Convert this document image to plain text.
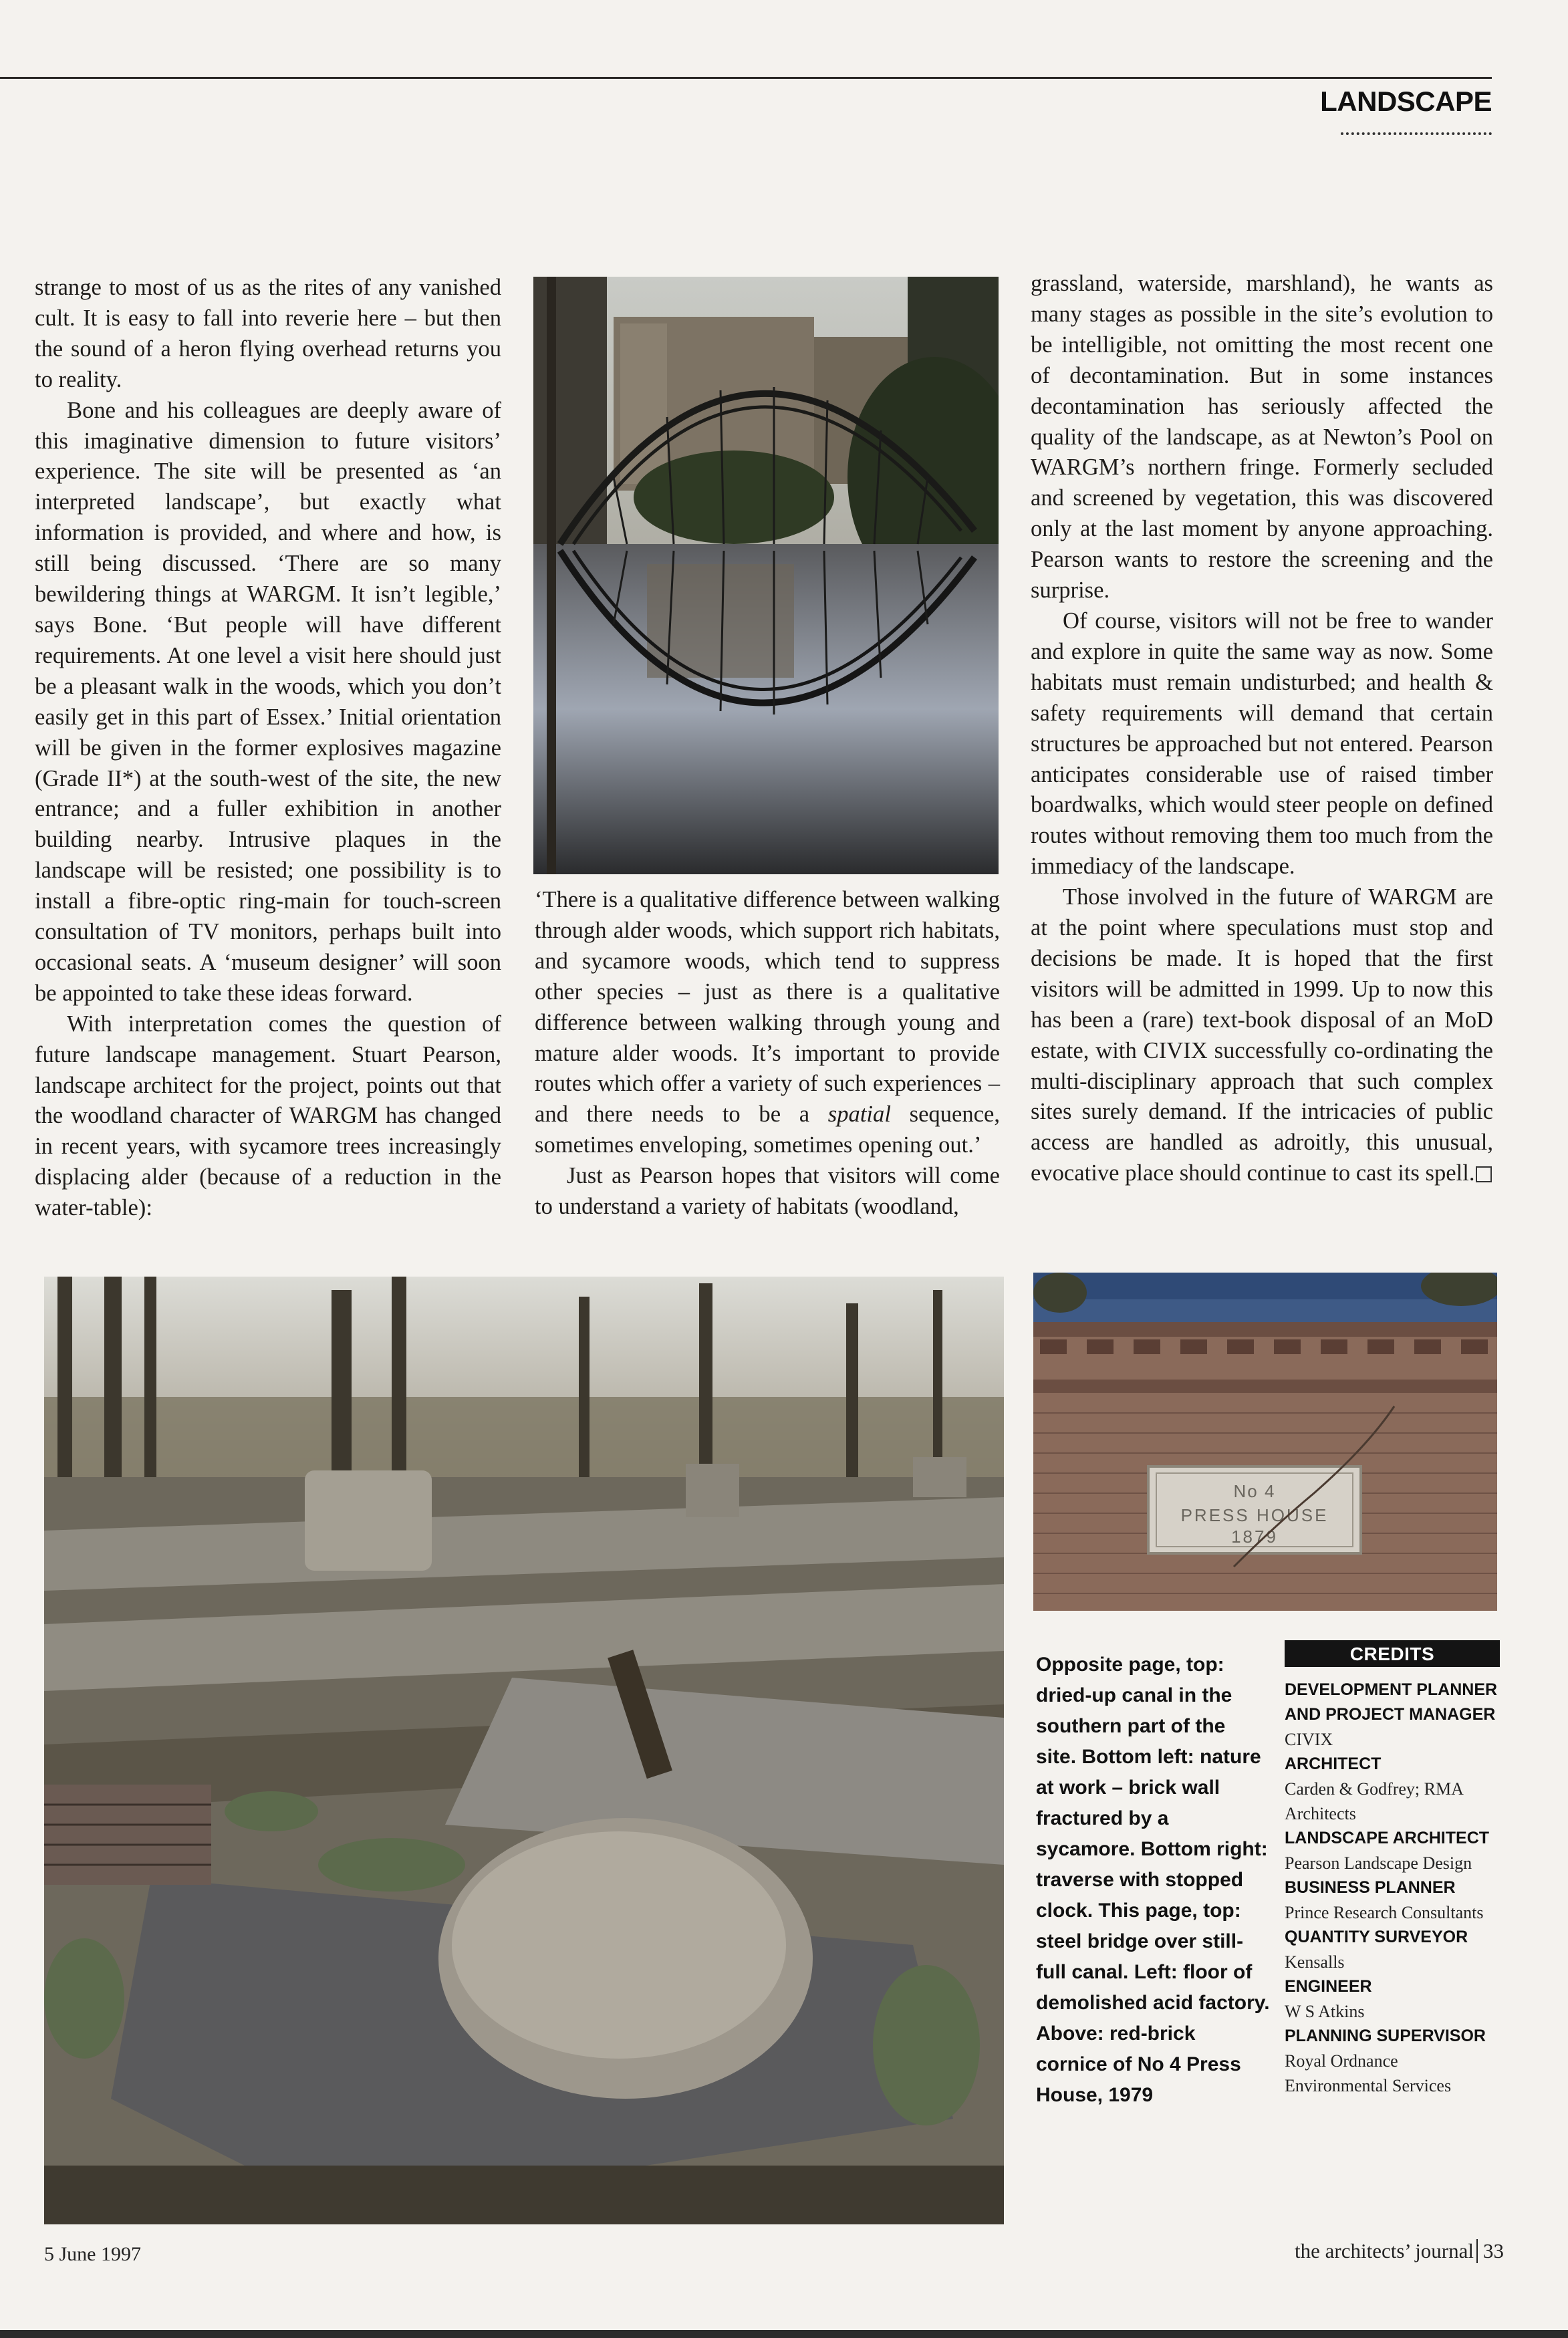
LANDSCAPE

strange to most of us as the rites of any vanished cult. It is easy to fall into reverie here – but then the sound of a heron flying overhead returns you to reality.

Bone and his colleagues are deeply aware of this imaginative dimension to future visitors’ experience. The site will be presented as ‘an interpreted landscape’, but exactly what information is provided, and where and how, is still being discussed. ‘There are so many bewildering things at WARGM. It isn’t legible,’ says Bone. ‘But people will have different requirements. At one level a visit here should just be a pleasant walk in the woods, which you don’t easily get in this part of Essex.’ Initial orientation will be given in the former explosives magazine (Grade II*) at the south-west of the site, the new entrance; and a fuller exhibition in another building nearby. Intrusive plaques in the landscape will be resisted; one possibility is to install a fibre-optic ring-main for touch-screen consultation of TV monitors, perhaps built into occasional seats. A ‘museum designer’ will soon be appointed to take these ideas forward.

With interpretation comes the question of future landscape management. Stuart Pearson, landscape architect for the project, points out that the woodland character of WARGM has changed in recent years, with sycamore trees increasingly displacing alder (because of a reduction in the water-table):

‘There is a qualitative difference between walking through alder woods, which support rich habitats, and sycamore woods, which tend to suppress other species – just as there is a qualitative difference between walking through young and mature alder woods. It’s important to provide routes which offer a variety of such experiences – and there needs to be a spatial sequence, sometimes enveloping, sometimes opening out.’

Just as Pearson hopes that visitors will come to understand a variety of habitats (woodland,

grassland, waterside, marshland), he wants as many stages as possible in the site’s evolution to be intelligible, not omitting the most recent one of decontamination. But in some instances decontamination has seriously affected the quality of the landscape, as at Newton’s Pool on WARGM’s northern fringe. Formerly secluded and screened by vegetation, this was discovered only at the last moment by anyone approaching. Pearson wants to restore the screening and the surprise.

Of course, visitors will not be free to wander and explore in quite the same way as now. Some habitats must remain undisturbed; and health & safety requirements will demand that certain structures be approached but not entered. Pearson anticipates considerable use of raised timber boardwalks, which would steer people on defined routes without removing them too much from the immediacy of the landscape.

Those involved in the future of WARGM are at the point where speculations must stop and decisions be made. It is hoped that the first visitors will be admitted in 1999. Up to now this has been a (rare) text-book disposal of an MoD estate, with CIVIX successfully co-ordinating the multi-disciplinary approach that such complex sites surely demand. If the intricacies of public access are handled as adroitly, this unusual, evocative place should continue to cast its spell.

No 4
PRESS HOUSE
1879
Opposite page, top: dried-up canal in the southern part of the site. Bottom left: nature at work – brick wall fractured by a sycamore. Bottom right: traverse with stopped clock. This page, top: steel bridge over still-full canal. Left: floor of demolished acid factory. Above: red-brick cornice of No 4 Press House, 1979
CREDITS
DEVELOPMENT PLANNER AND PROJECT MANAGER
CIVIX
ARCHITECT
Carden & Godfrey; RMA Architects
LANDSCAPE ARCHITECT
Pearson Landscape Design
BUSINESS PLANNER
Prince Research Consultants
QUANTITY SURVEYOR
Kensalls
ENGINEER
W S Atkins
PLANNING SUPERVISOR
Royal Ordnance Environmental Services
5 June 1997	the architects’ journal 33
